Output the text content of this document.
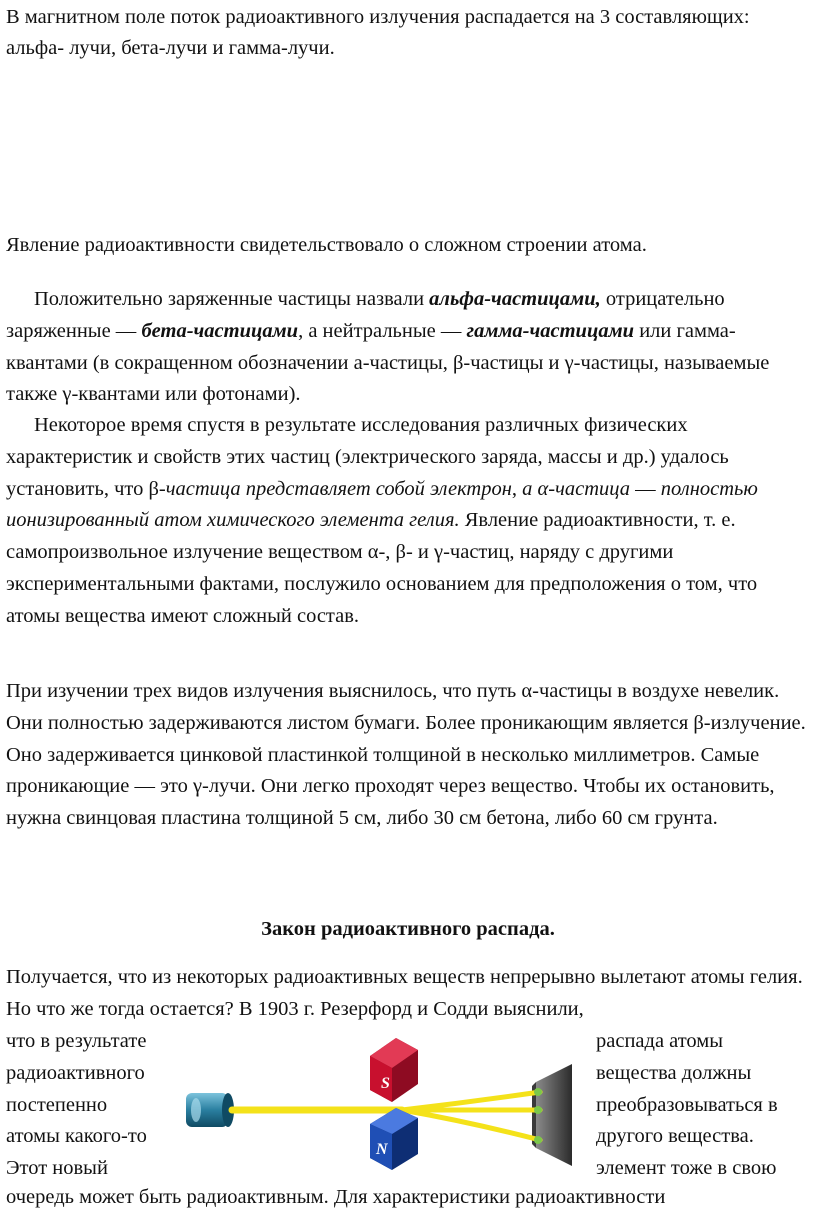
В магнитном поле поток радиоактивного излучения распадается на 3 составляющих: альфа- лучи, бета-лучи и гамма-лучи.

Явление радиоактивности свидетельствовало о сложном строении атома.

Положительно заряженные частицы назвали альфа-частицами, отрицательно заряженные — бета-частицами, а нейтральные — гамма-частицами или гамма-квантами (в сокращенном обозначении а-частицы, β-частицы и γ-частицы, называемые также γ-квантами или фотонами).

Некоторое время спустя в результате исследования различных физических характеристик и свойств этих частиц (электрического заряда, массы и др.) удалось установить, что β-частица представляет собой электрон, а α-частица — полностью ионизированный атом химического элемента гелия. Явление радиоактивности, т. е. самопроизвольное излучение веществом α-, β- и γ-частиц, наряду с другими экспериментальными фактами, послужило основанием для предположения о том, что атомы вещества имеют сложный состав.

При изучении трех видов излучения выяснилось, что путь α-частицы в воздухе невелик. Они полностью задерживаются листом бумаги. Более проникающим является β-излучение. Оно задерживается цинковой пластинкой толщиной в несколько миллиметров. Самые проникающие — это γ-лучи. Они легко проходят через вещество. Чтобы их остановить, нужна свинцовая пластина толщиной 5 см, либо 30 см бетона, либо 60 см грунта.

Закон радиоактивного распада.

Получается, что из некоторых радиоактивных веществ непрерывно вылетают атомы гелия. Но что же тогда остается? В 1903 г. Резерфорд и Содди выяснили,

что в результате
радиоактивного
постепенно
атомы какого-то
Этот новый
распада атомы
вещества должны
преобразовываться в
другого вещества.
элемент тоже в свою
S
N

очередь может быть радиоактивным. Для характеристики радиоактивности
